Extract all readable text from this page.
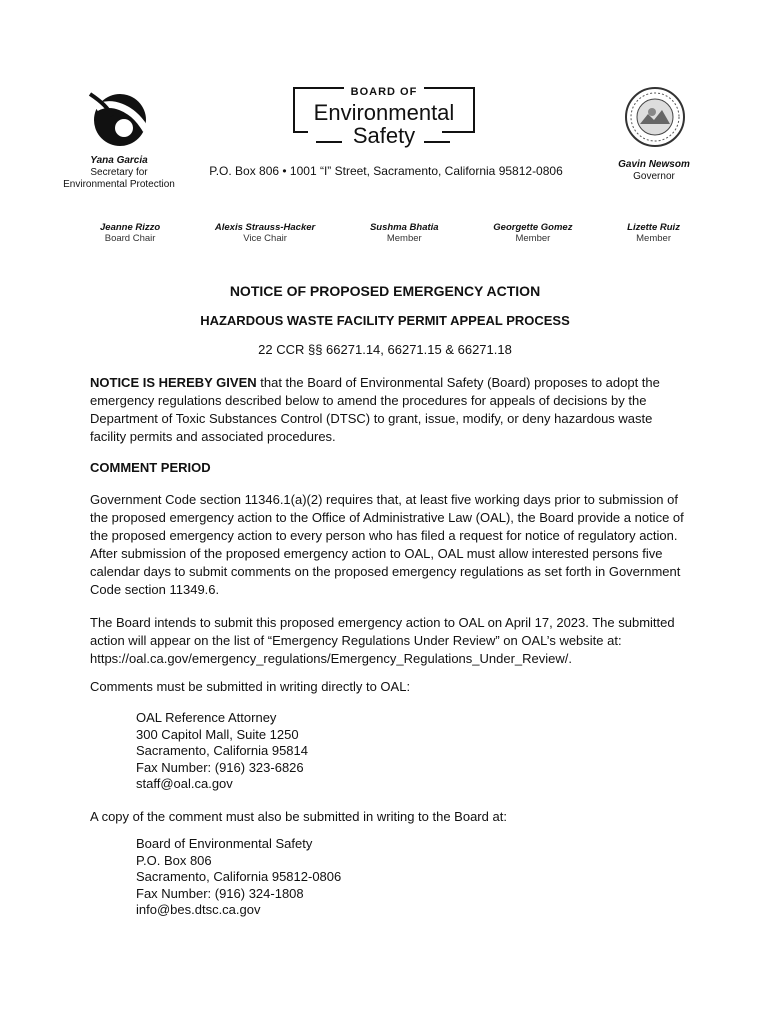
Yana Garcia
Secretary for
Environmental Protection
BOARD OF
Environmental
Safety
P.O. Box 806 • 1001 “I” Street, Sacramento, California 95812-0806	Gavin Newsom
Governor
Jeanne Rizzo
Board Chair
Alexis Strauss-Hacker
Vice Chair
Sushma Bhatia
Member
Georgette Gomez
Member
Lizette Ruiz
Member
NOTICE OF PROPOSED EMERGENCY ACTION
HAZARDOUS WASTE FACILITY PERMIT APPEAL PROCESS
22 CCR §§ 66271.14, 66271.15 & 66271.18
NOTICE IS HEREBY GIVEN that the Board of Environmental Safety (Board) proposes to adopt the emergency regulations described below to amend the procedures for appeals of decisions by the Department of Toxic Substances Control (DTSC) to grant, issue, modify, or deny hazardous waste facility permits and associated procedures.
COMMENT PERIOD
Government Code section 11346.1(a)(2) requires that, at least five working days prior to submission of the proposed emergency action to the Office of Administrative Law (OAL), the Board provide a notice of the proposed emergency action to every person who has filed a request for notice of regulatory action. After submission of the proposed emergency action to OAL, OAL must allow interested persons five calendar days to submit comments on the proposed emergency regulations as set forth in Government Code section 11349.6.
The Board intends to submit this proposed emergency action to OAL on April 17, 2023. The submitted action will appear on the list of “Emergency Regulations Under Review” on OAL’s website at: https://oal.ca.gov/emergency_regulations/Emergency_Regulations_Under_Review/.
Comments must be submitted in writing directly to OAL:
OAL Reference Attorney
300 Capitol Mall, Suite 1250
Sacramento, California 95814
Fax Number: (916) 323-6826
staff@oal.ca.gov
A copy of the comment must also be submitted in writing to the Board at:
Board of Environmental Safety
P.O. Box 806
Sacramento, California 95812-0806
Fax Number: (916) 324-1808
info@bes.dtsc.ca.gov
